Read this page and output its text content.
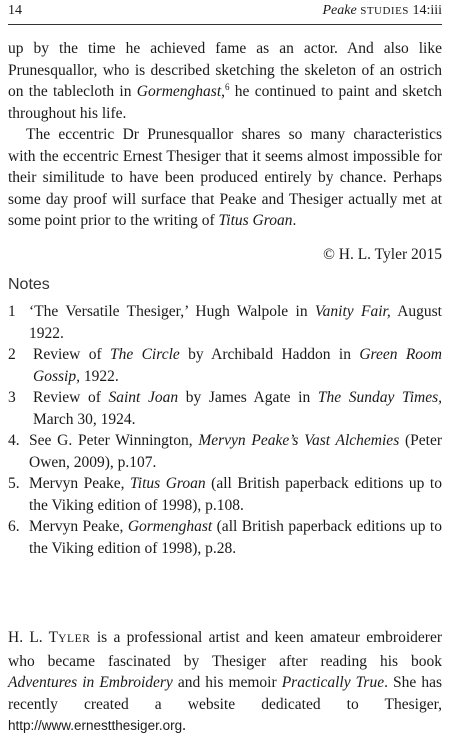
14	Peake STUDIES 14:iii

up by the time he achieved fame as an actor. And also like Prunesquallor, who is described sketching the skeleton of an ostrich on the tablecloth in Gormenghast,$^6$ he continued to paint and sketch throughout his life.

The eccentric Dr Prunesquallor shares so many characteristics with the eccentric Ernest Thesiger that it seems almost impossible for their similitude to have been produced entirely by chance. Perhaps some day proof will surface that Peake and Thesiger actually met at some point prior to the writing of Titus Groan.

© H. L. Tyler 2015
Notes
1 ‘The Versatile Thesiger,’ Hugh Walpole in Vanity Fair, August 1922.
2	Review of The Circle by Archibald Haddon in Green Room Gossip, 1922.
3	Review of Saint Joan by James Agate in The Sunday Times, March 30, 1924.
4. See G. Peter Winnington, Mervyn Peake’s Vast Alchemies (Peter Owen, 2009), p.107.
5. Mervyn Peake, Titus Groan (all British paperback editions up to the Viking edition of 1998), p.108.
6. Mervyn Peake, Gormenghast (all British paperback editions up to the Viking edition of 1998), p.28.
H. L. TYLER is a professional artist and keen amateur embroiderer who became fascinated by Thesiger after reading his book Adventures in Embroidery and his memoir Practically True. She has recently created a website dedicated to Thesiger, http://www.ernestthesiger.org.
